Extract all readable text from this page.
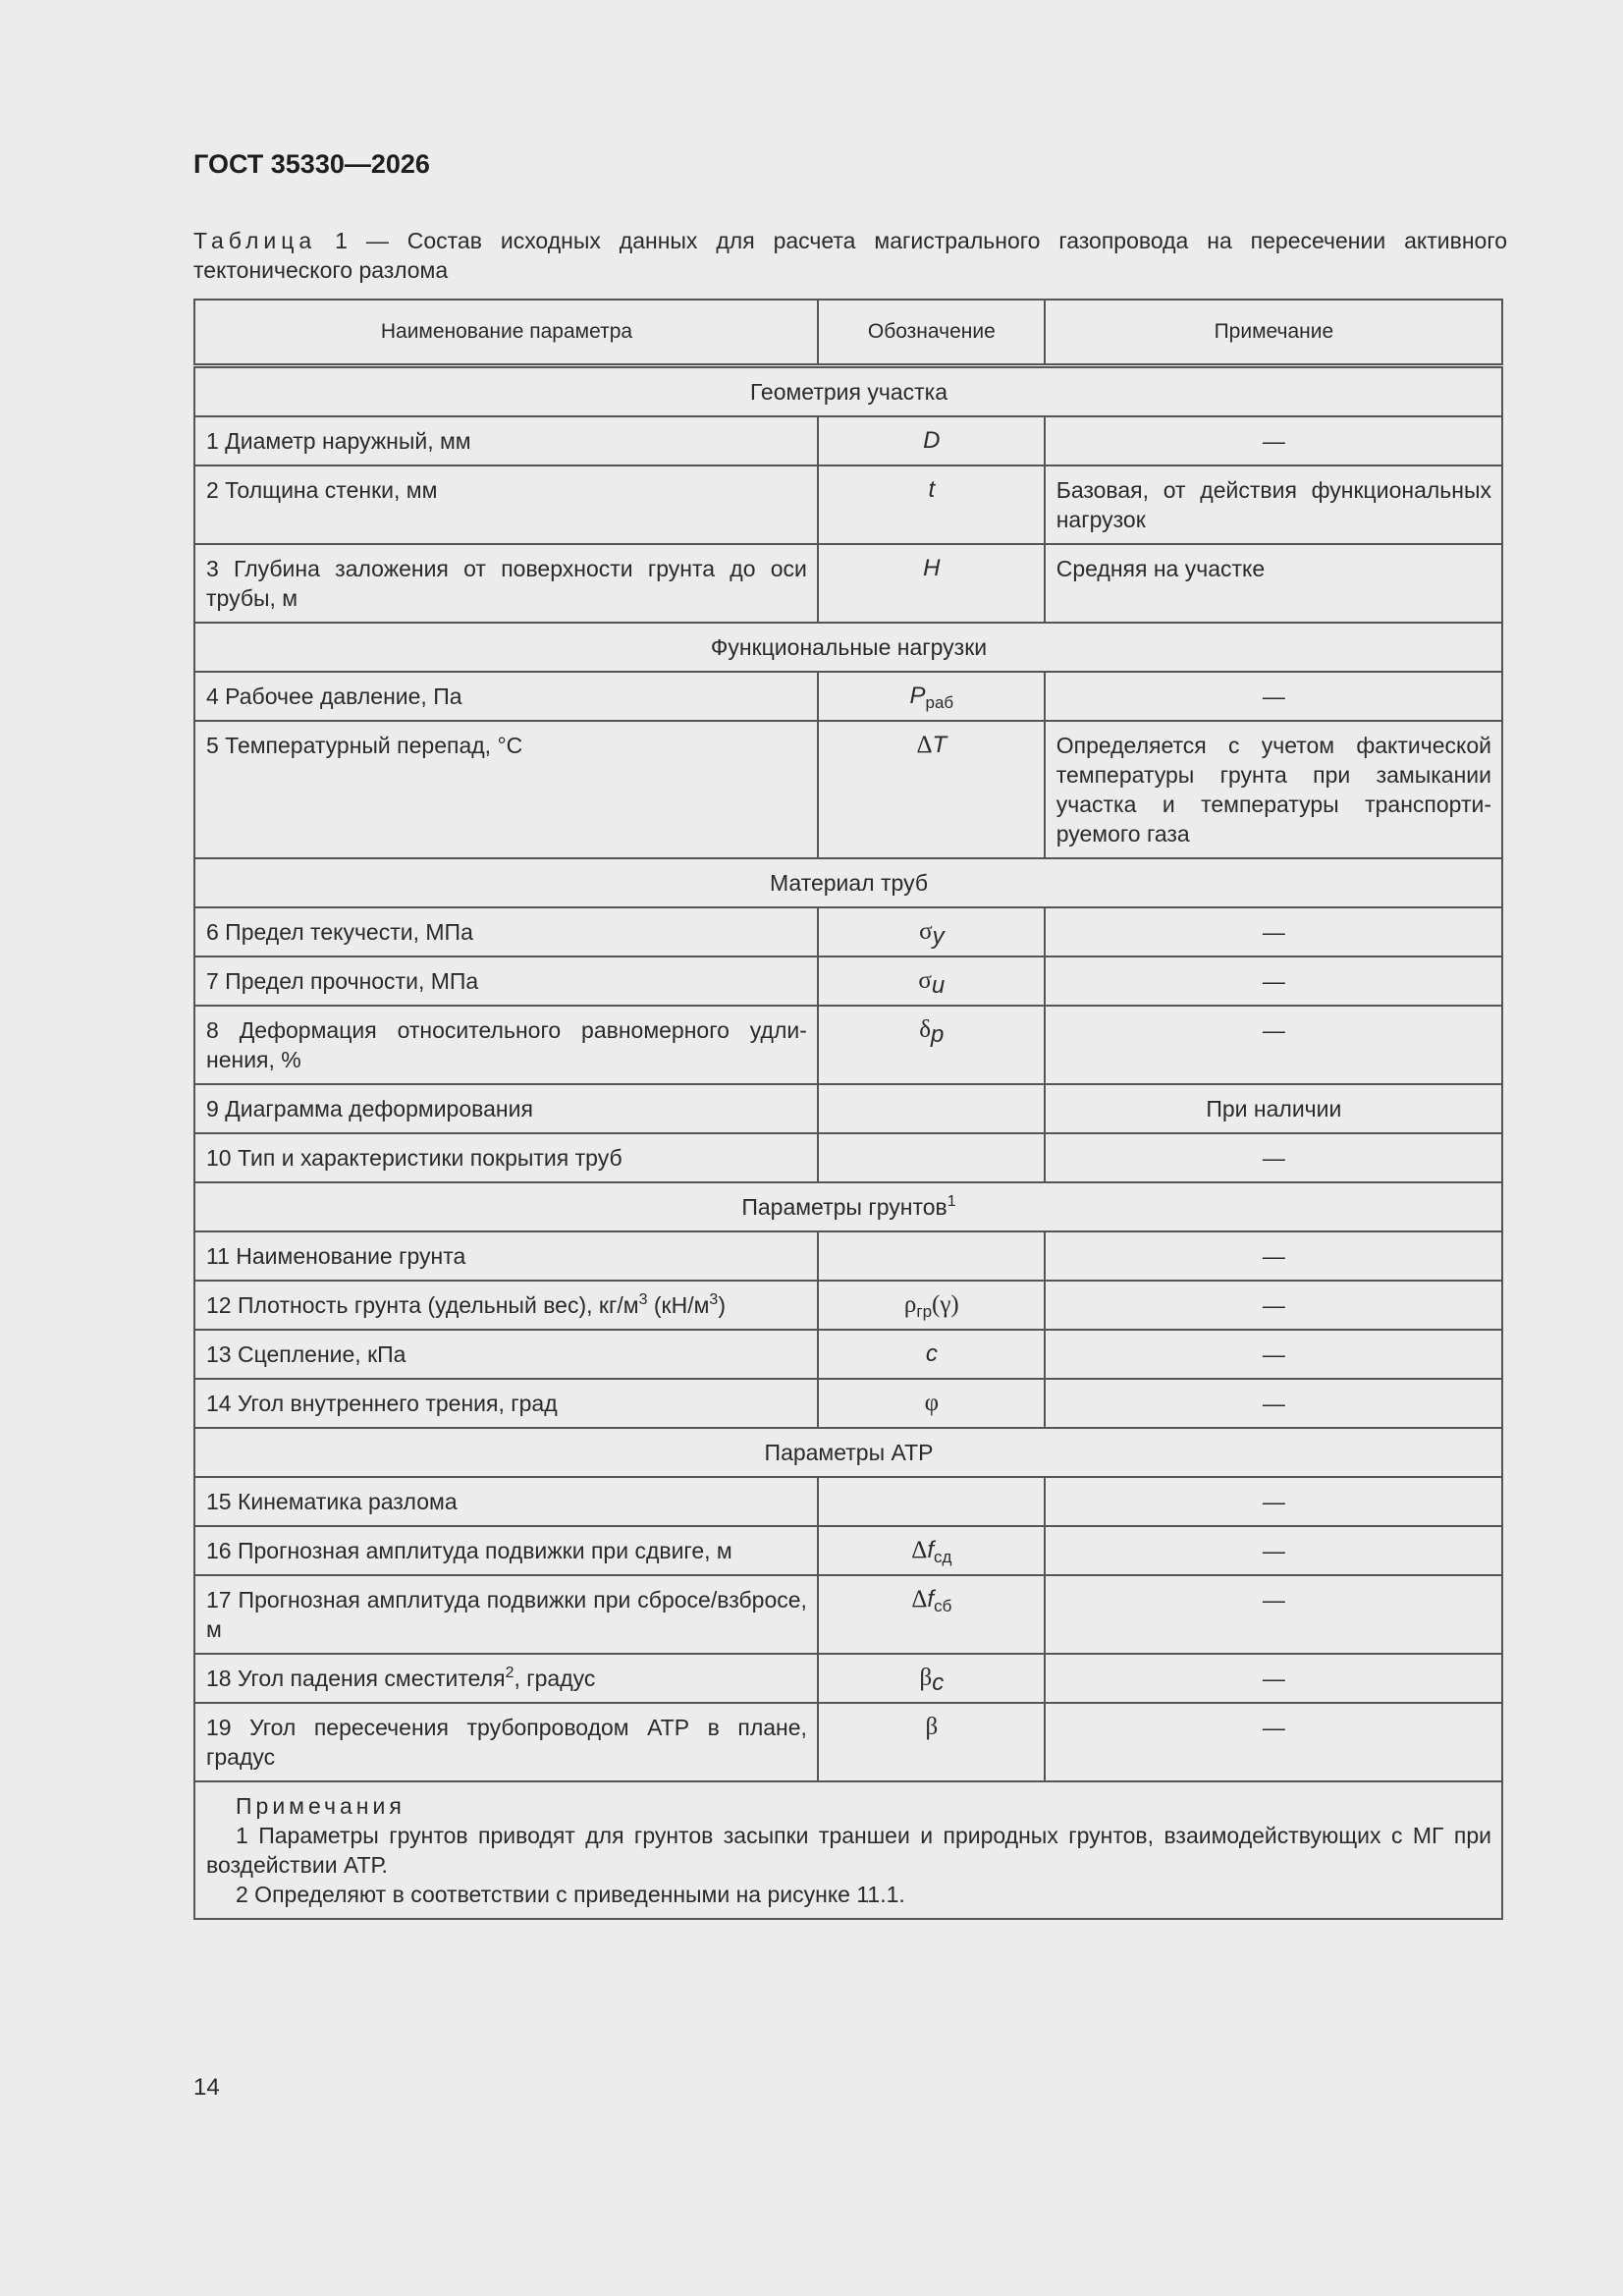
ГОСТ 35330—2026
Таблица 1 — Состав исходных данных для расчета магистрального газопровода на пересечении активного тектонического разлома
Наименование параметра	Обозначение	Примечание
Геометрия участка		
1 Диаметр наружный, мм	D	—
2 Толщина стенки, мм	t	Базовая, от действия функциональных нагрузок
3 Глубина заложения от поверхности грунта до оси трубы, м	H	Средняя на участке
Функциональные нагрузки		
4 Рабочее давление, Па	$P_{раб}$	—
5 Температурный перепад, °С	ΔT	Определяется с учетом фактической температуры грунта при замыкании участка и температуры транспортируемого газа
Материал труб		
6 Предел текучести, МПа	$\sigma_y$	—
7 Предел прочности, МПа	$\sigma_u$	—
8 Деформация относительного равномерного удлинения, %	$\delta_p$	—
9 Диаграмма деформирования		При наличии
10 Тип и характеристики покрытия труб		—
Параметры грунтов$^1$
11 Наименование грунта		—
12 Плотность грунта (удельный вес), $кг/м^3$ $(кН/м^3)$	$\rho_{гр}(\gamma)$	—
13 Сцепление, кПа	c	—
14 Угол внутреннего трения, град	φ	—
Параметры АТР		
15 Кинематика разлома		—
16 Прогнозная амплитуда подвижки при сдвиге, м	$\Delta f_{сд}$	—
17 Прогнозная амплитуда подвижки при сбросе/взбросе, м	$\Delta f_{сб}$	—
18 Угол падения сместителя$^2$, градус	$\beta_c$	—
19 Угол пересечения трубопроводом АТР в плане, градус	β	—

Примечания
1 Параметры грунтов приводят для грунтов засыпки траншеи и природных грунтов, взаимодействующих с МГ при воздействии АТР.
2 Определяют в соответствии с приведенными на рисунке 11.1.		
14
